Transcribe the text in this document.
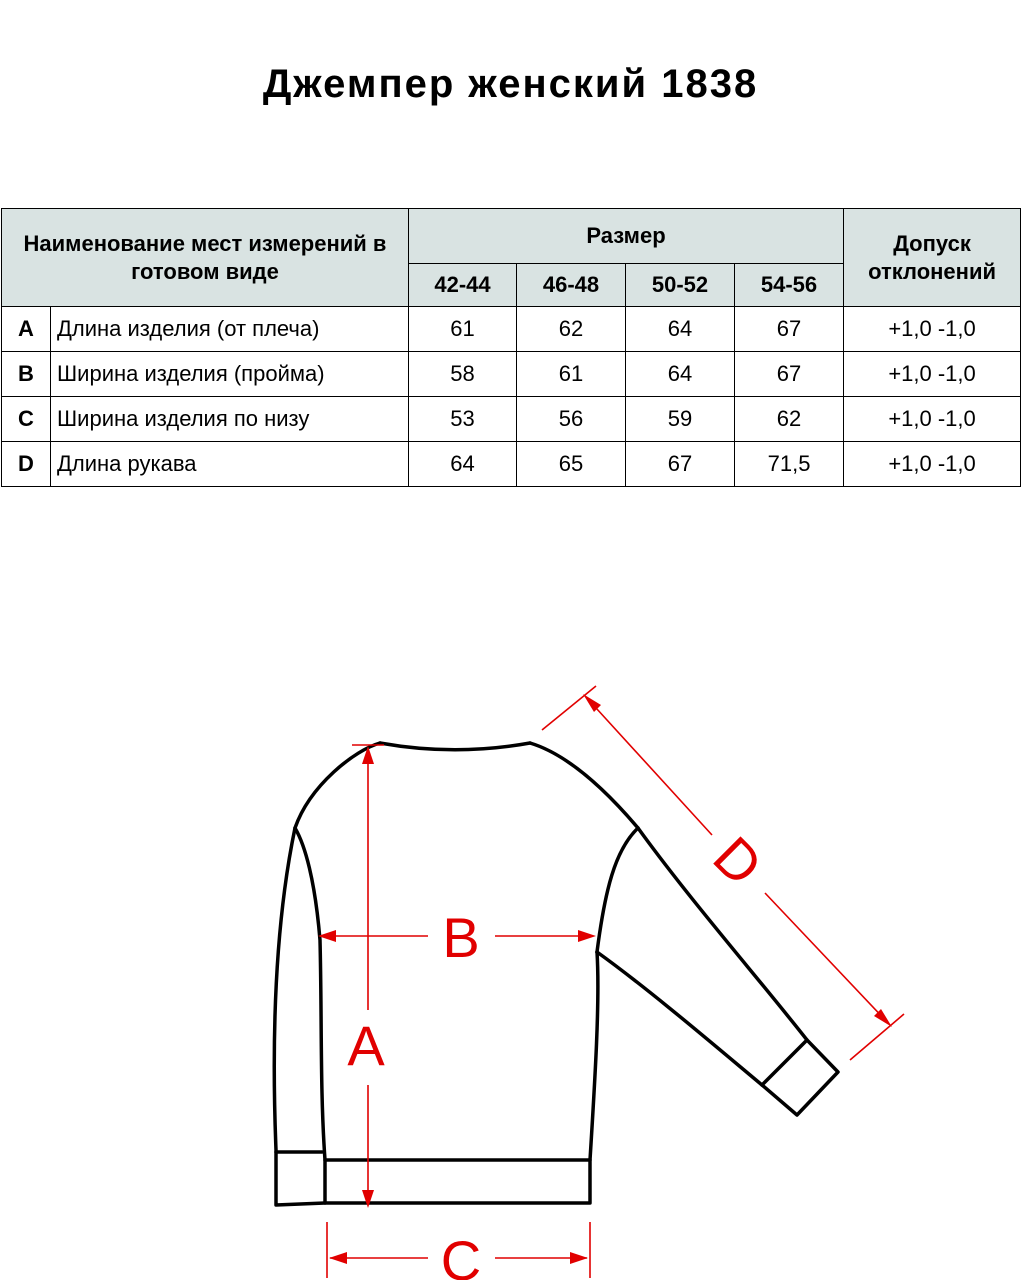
Джемпер женский 1838
Наименование мест измерений в готовом виде		Размер				Допуск отклонений
		42-44	46-48	50-52	54-56	
A	Длина изделия (от плеча)	61	62	64	67	+1,0 -1,0
B	Ширина изделия (пройма)	58	61	64	67	+1,0 -1,0
C	Ширина изделия по низу	53	56	59	62	+1,0 -1,0
D	Длина рукава	64	65	67	71,5	+1,0 -1,0
A
B
C
D
